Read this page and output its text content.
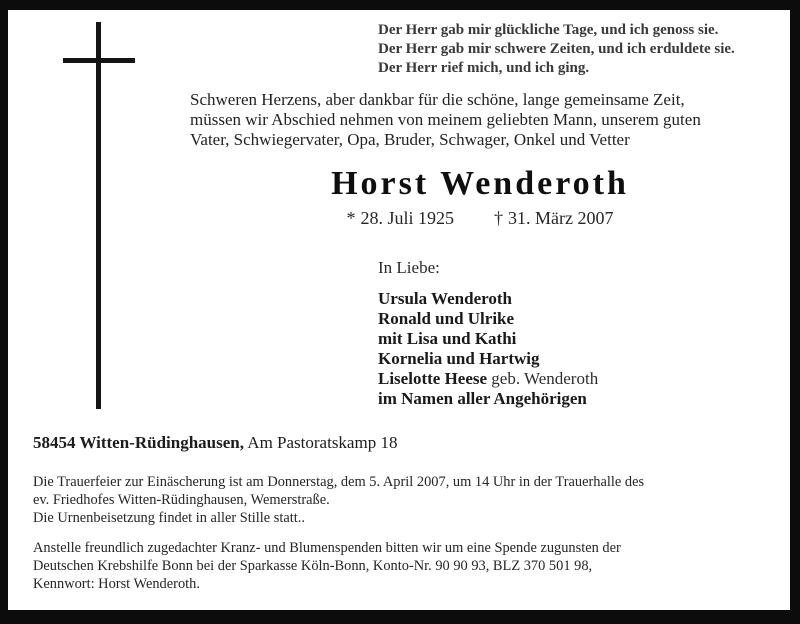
Der Herr gab mir glückliche Tage, und ich genoss sie.
Der Herr gab mir schwere Zeiten, und ich erduldete sie.
Der Herr rief mich, und ich ging.
Schweren Herzens, aber dankbar für die schöne, lange gemeinsame Zeit,
müssen wir Abschied nehmen von meinem geliebten Mann, unserem guten
Vater, Schwiegervater, Opa, Bruder, Schwager, Onkel und Vetter
Horst Wenderoth
* 28. Juli 1925 † 31. März 2007
In Liebe:
Ursula Wenderoth
Ronald und Ulrike
mit Lisa und Kathi
Kornelia und Hartwig
Liselotte Heese geb. Wenderoth
im Namen aller Angehörigen
58454 Witten-Rüdinghausen, Am Pastoratskamp 18
Die Trauerfeier zur Einäscherung ist am Donnerstag, dem 5. April 2007, um 14 Uhr in der Trauerhalle des
ev. Friedhofes Witten-Rüdinghausen, Wemerstraße.
Die Urnenbeisetzung findet in aller Stille statt..
Anstelle freundlich zugedachter Kranz- und Blumenspenden bitten wir um eine Spende zugunsten der
Deutschen Krebshilfe Bonn bei der Sparkasse Köln-Bonn, Konto-Nr. 90 90 93, BLZ 370 501 98,
Kennwort: Horst Wenderoth.
